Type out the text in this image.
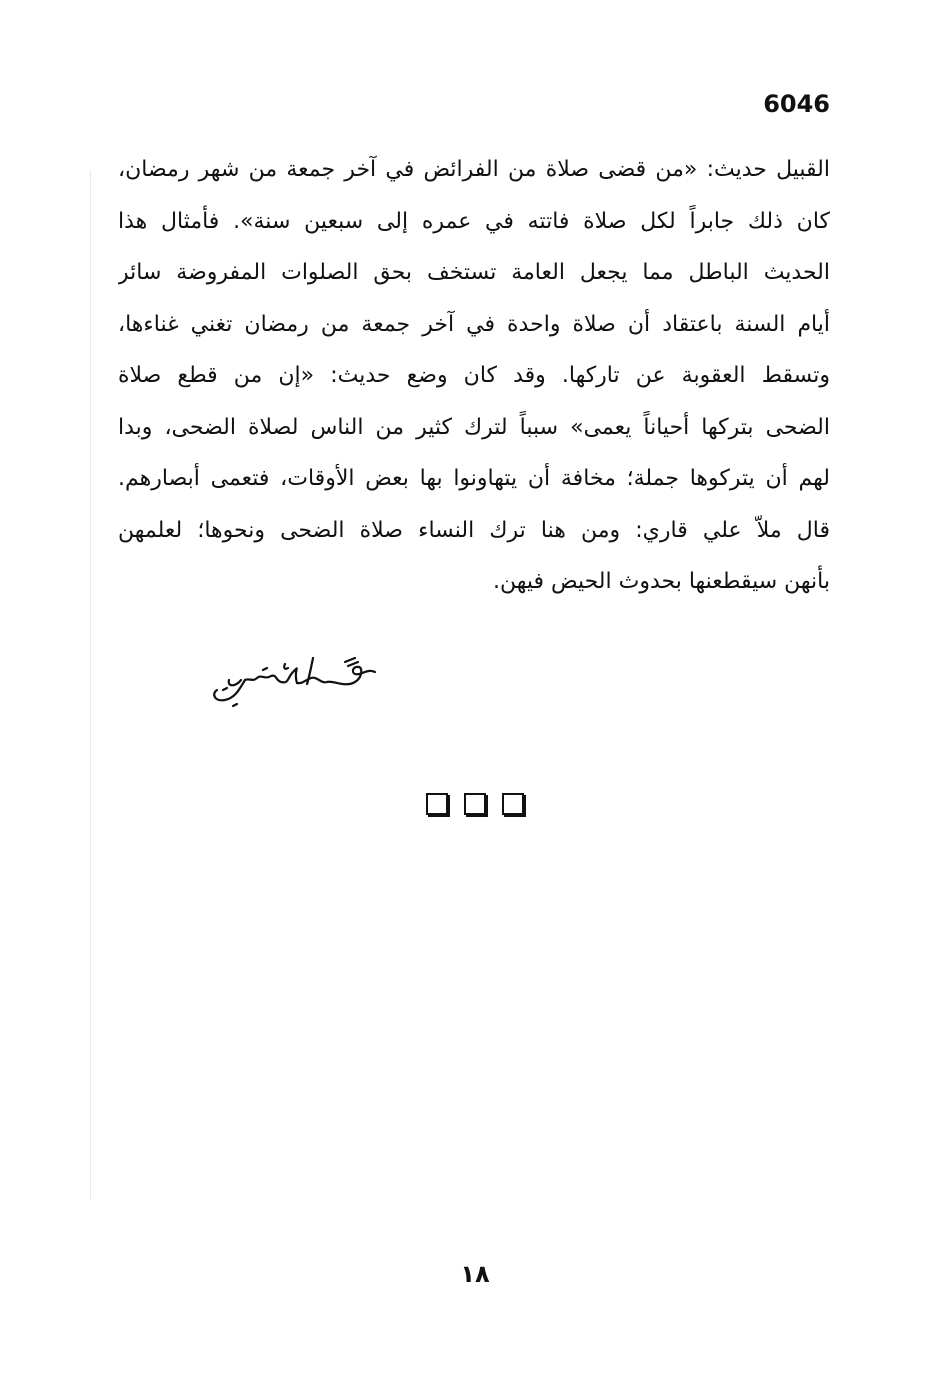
6046
القبيل حديث: «من قضى صلاة من الفرائض في آخر جمعة من شهر رمضان،
كان ذلك جابراً لكل صلاة فاتته في عمره إلى سبعين سنة». فأمثال هذا
الحديث الباطل مما يجعل العامة تستخف بحق الصلوات المفروضة سائر
أيام السنة باعتقاد أن صلاة واحدة في آخر جمعة من رمضان تغني غناءها،
وتسقط العقوبة عن تاركها. وقد كان وضع حديث: «إن من قطع صلاة
الضحى بتركها أحياناً يعمى» سبباً لترك كثير من الناس لصلاة الضحى، وبدا
لهم أن يتركوها جملة؛ مخافة أن يتهاونوا بها بعض الأوقات، فتعمى أبصارهم.
قال ملاّ علي قاري: ومن هنا ترك النساء صلاة الضحى ونحوها؛ لعلمهن
بأنهن سيقطعنها بحدوث الحيض فيهن.
١٨
